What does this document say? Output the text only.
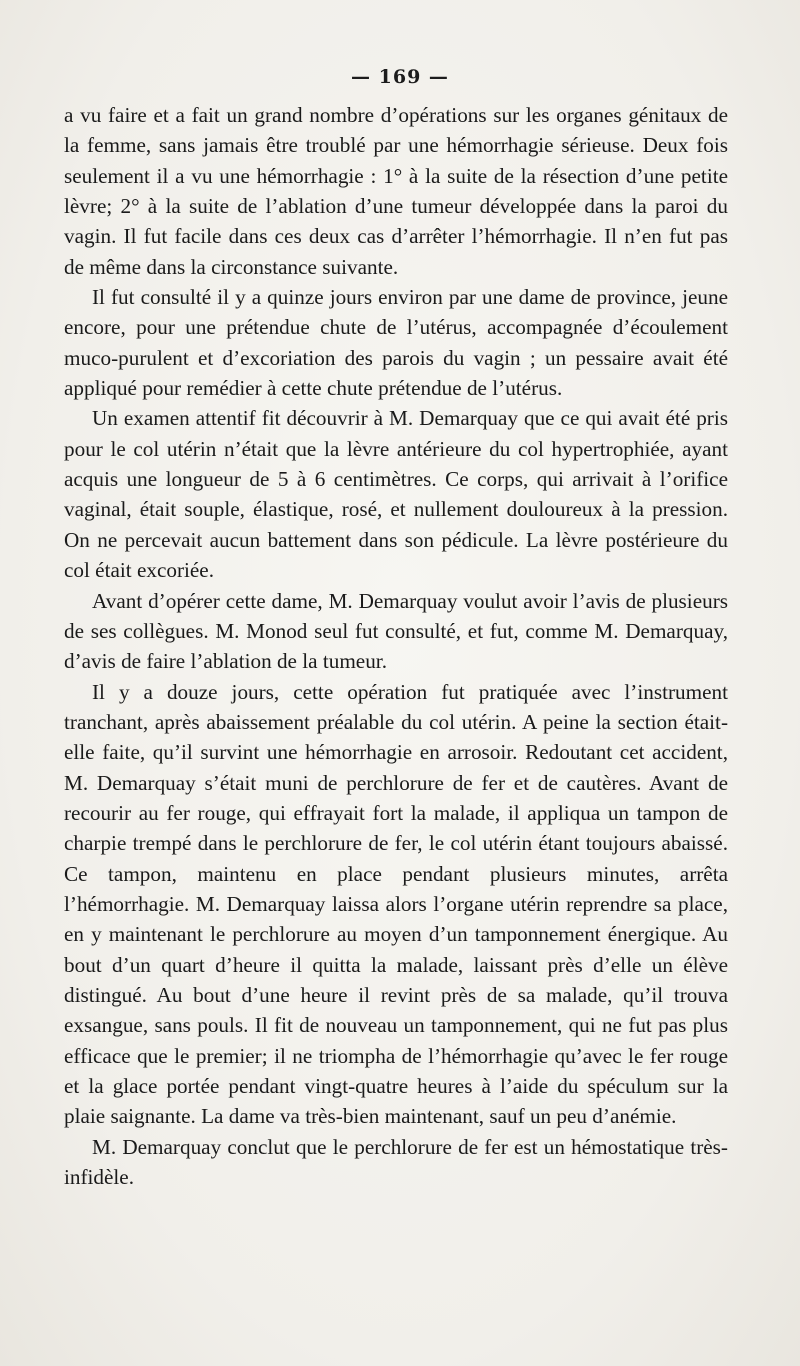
— 169 —

a vu faire et a fait un grand nombre d’opérations sur les organes génitaux de la femme, sans jamais être troublé par une hémorrhagie sérieuse. Deux fois seulement il a vu une hémorrhagie : 1° à la suite de la résection d’une petite lèvre; 2° à la suite de l’ablation d’une tumeur développée dans la paroi du vagin. Il fut facile dans ces deux cas d’arrêter l’hémorrhagie. Il n’en fut pas de même dans la circonstance suivante.

Il fut consulté il y a quinze jours environ par une dame de province, jeune encore, pour une prétendue chute de l’utérus, accompagnée d’écoulement muco-purulent et d’excoriation des parois du vagin ; un pessaire avait été appliqué pour remédier à cette chute prétendue de l’utérus.

Un examen attentif fit découvrir à M. Demarquay que ce qui avait été pris pour le col utérin n’était que la lèvre antérieure du col hypertrophiée, ayant acquis une longueur de 5 à 6 centimètres. Ce corps, qui arrivait à l’orifice vaginal, était souple, élastique, rosé, et nullement douloureux à la pression. On ne percevait aucun battement dans son pédicule. La lèvre postérieure du col était excoriée.

Avant d’opérer cette dame, M. Demarquay voulut avoir l’avis de plusieurs de ses collègues. M. Monod seul fut consulté, et fut, comme M. Demarquay, d’avis de faire l’ablation de la tumeur.

Il y a douze jours, cette opération fut pratiquée avec l’instrument tranchant, après abaissement préalable du col utérin. A peine la section était-elle faite, qu’il survint une hémorrhagie en arrosoir. Redoutant cet accident, M. Demarquay s’était muni de perchlorure de fer et de cautères. Avant de recourir au fer rouge, qui effrayait fort la malade, il appliqua un tampon de charpie trempé dans le perchlorure de fer, le col utérin étant toujours abaissé. Ce tampon, maintenu en place pendant plusieurs minutes, arrêta l’hémorrhagie. M. Demarquay laissa alors l’organe utérin reprendre sa place, en y maintenant le perchlorure au moyen d’un tamponnement énergique. Au bout d’un quart d’heure il quitta la malade, laissant près d’elle un élève distingué. Au bout d’une heure il revint près de sa malade, qu’il trouva exsangue, sans pouls. Il fit de nouveau un tamponnement, qui ne fut pas plus efficace que le premier; il ne triompha de l’hémorrhagie qu’avec le fer rouge et la glace portée pendant vingt-quatre heures à l’aide du spéculum sur la plaie saignante. La dame va très-bien maintenant, sauf un peu d’anémie.

M. Demarquay conclut que le perchlorure de fer est un hémostatique très-infidèle.
